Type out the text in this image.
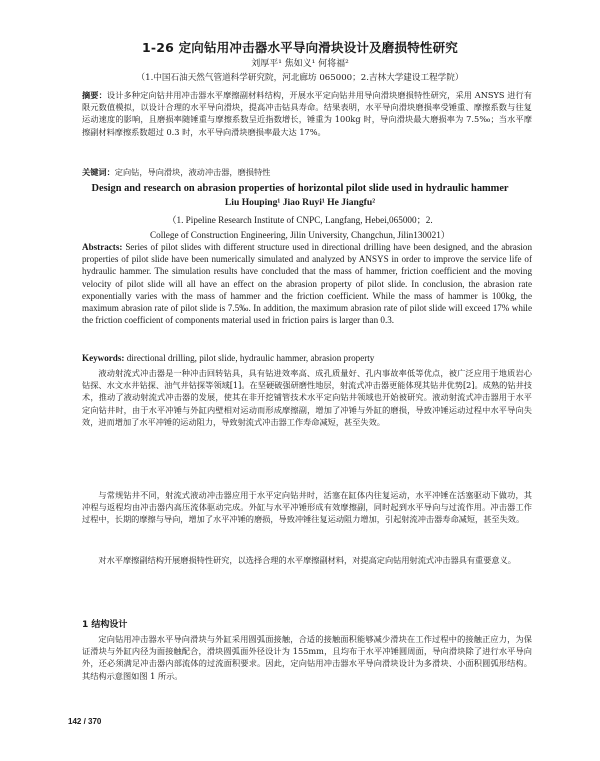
1-26 定向钻用冲击器水平导向滑块设计及磨损特性研究
刘厚平¹ 焦如义¹ 何将福²
（1.中国石油天然气管道科学研究院，河北廊坊 065000；2.吉林大学建设工程学院）

摘要：设计多种定向钻井用冲击器水平摩擦副材料结构，开展水平定向钻井用导向滑块磨损特性研究，采用 ANSYS 进行有限元数值模拟，以设计合理的水平导向滑块，提高冲击钻具寿命。结果表明，水平导向滑块磨损率受锤重、摩擦系数与往复运动速度的影响，且磨损率随锤重与摩擦系数呈近指数增长，锤重为 100kg 时，导向滑块最大磨损率为 7.5‰；当水平摩擦副材料摩擦系数超过 0.3 时，水平导向滑块磨损率最大达 17%。

关键词：定向钻，导向滑块，液动冲击器，磨损特性

Design and research on abrasion properties of horizontal pilot slide used in hydraulic hammer
Liu Houping¹ Jiao Ruyi¹ He Jiangfu²
（1. Pipeline Research Institute of CNPC, Langfang, Hebei,065000；2.
College of Construction Engineering, Jilin University, Changchun, Jilin130021）

Abstracts: Series of pilot slides with different structure used in directional drilling have been designed, and the abrasion properties of pilot slide have been numerically simulated and analyzed by ANSYS in order to improve the service life of hydraulic hammer. The simulation results have concluded that the mass of hammer, friction coefficient and the moving velocity of pilot slide will all have an effect on the abrasion property of pilot slide. In conclusion, the abrasion rate exponentially varies with the mass of hammer and the friction coefficient. While the mass of hammer is 100kg, the maximum abrasion rate of pilot slide is 7.5‰. In addition, the maximum abrasion rate of pilot slide will exceed 17% while the friction coefficient of components material used in friction pairs is larger than 0.3.

Keywords: directional drilling, pilot slide, hydraulic hammer, abrasion property

液动射流式冲击器是一种冲击回转钻具，具有钻进效率高、成孔质量好、孔内事故率低等优点，被广泛应用于地质岩心钻探、水文水井钻探、油气井钻探等领域[1]。在坚硬破强研磨性地层，射流式冲击器更能体现其钻井优势[2]。成熟的钻井技术，推动了液动射流式冲击器的发展，使其在非开挖铺管技术水平定向钻井领域也开始被研究。液动射流式冲击器用于水平定向钻井时，由于水平冲锤与外缸内壁相对运动而形成摩擦副，增加了冲锤与外缸的磨损，导致冲锤运动过程中水平导向失效，进而增加了水平冲锤的运动阻力，导致射流式冲击器工作寿命减短，甚至失效。

与常规钻井不同，射流式液动冲击器应用于水平定向钻井时，活塞在缸体内往复运动，水平冲锤在活塞驱动下做功，其冲程与返程均由冲击器内高压流体驱动完成。外缸与水平冲锤形成有效摩擦副，同时起到水平导向与过流作用。冲击器工作过程中，长期的摩擦与导向，增加了水平冲锤的磨损，导致冲锤往复运动阻力增加，引起射流冲击器寿命减短，甚至失效。

对水平摩擦副结构开展磨损特性研究，以选择合理的水平摩擦副材料，对提高定向钻用射流式冲击器具有重要意义。

1 结构设计

定向钻用冲击器水平导向滑块与外缸采用圆弧面接触，合适的接触面积能够减少滑块在工作过程中的接触正应力，为保证滑块与外缸内径为面接触配合，滑块圆弧面外径设计为 155mm，且均布于水平冲锤圆周面，导向滑块除了进行水平导向外，还必须满足冲击器内部流体的过流面积要求。因此，定向钻用冲击器水平导向滑块设计为多滑块、小面积圆弧形结构。其结构示意图如图 1 所示。

142 / 370
